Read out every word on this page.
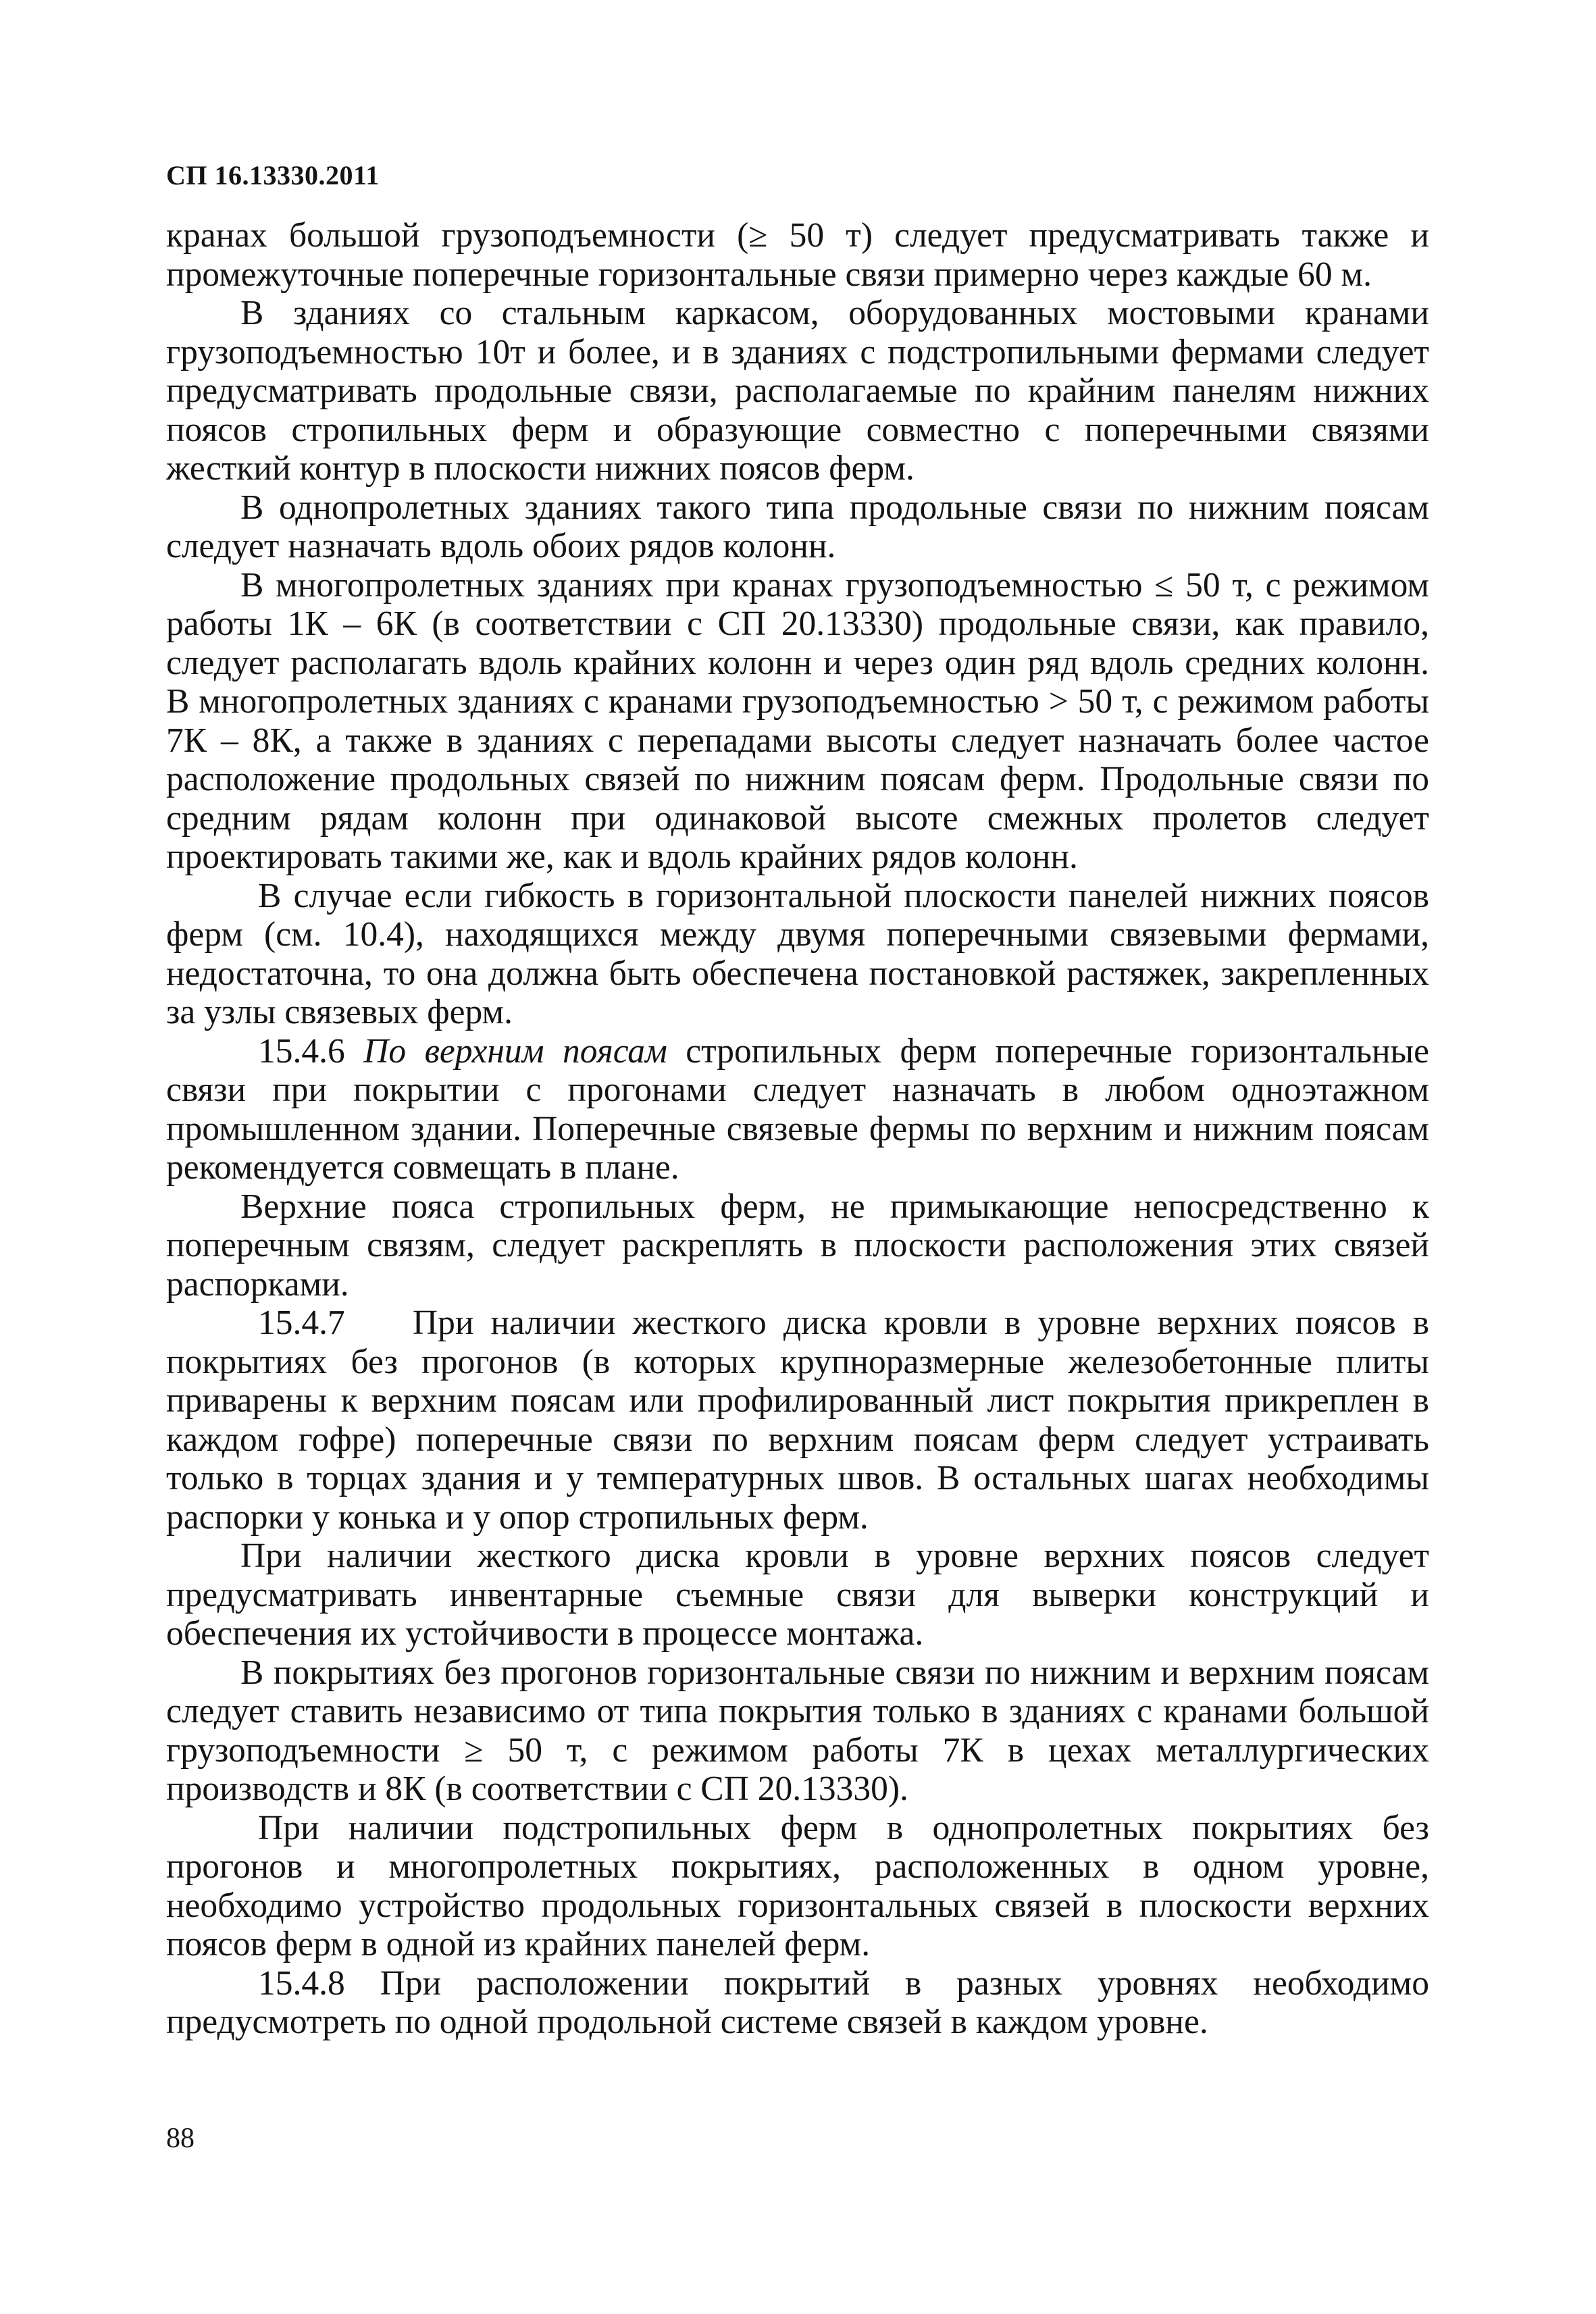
СП 16.13330.2011

кранах большой грузоподъемности (≥ 50 т) следует предусматривать также и промежуточные поперечные горизонтальные связи примерно через каждые 60 м.

В зданиях со стальным каркасом, оборудованных мостовыми кранами грузоподъемностью 10т и более, и в зданиях с подстропильными фермами следует предусматривать продольные связи, располагаемые по крайним панелям нижних поясов стропильных ферм и образующие совместно с поперечными связями жесткий контур в плоскости нижних поясов ферм.

В однопролетных зданиях такого типа продольные связи по нижним поясам следует назначать вдоль обоих рядов колонн.

В многопролетных зданиях при кранах грузоподъемностью ≤ 50 т, с режимом работы 1К – 6К (в соответствии с СП 20.13330) продольные связи, как правило, следует располагать вдоль крайних колонн и через один ряд вдоль средних колонн. В многопролетных зданиях с кранами грузоподъемностью > 50 т, с режимом работы 7К – 8К, а также в зданиях с перепадами высоты следует назначать более частое расположение продольных связей по нижним поясам ферм. Продольные связи по средним рядам колонн при одинаковой высоте смежных пролетов следует проектировать такими же, как и вдоль крайних рядов колонн.

В случае если гибкость в горизонтальной плоскости панелей нижних поясов ферм (см. 10.4), находящихся между двумя поперечными связевыми фермами, недостаточна, то она должна быть обеспечена постановкой растяжек, закрепленных за узлы связевых ферм.

15.4.6 По верхним поясам стропильных ферм поперечные горизонтальные связи при покрытии с прогонами следует назначать в любом одноэтажном промышленном здании. Поперечные связевые фермы по верхним и нижним поясам рекомендуется совмещать в плане.

Верхние пояса стропильных ферм, не примыкающие непосредственно к поперечным связям, следует раскреплять в плоскости расположения этих связей распорками.

15.4.7 При наличии жесткого диска кровли в уровне верхних поясов в покрытиях без прогонов (в которых крупноразмерные железобетонные плиты приварены к верхним поясам или профилированный лист покрытия прикреплен в каждом гофре) поперечные связи по верхним поясам ферм следует устраивать только в торцах здания и у температурных швов. В остальных шагах необходимы распорки у конька и у опор стропильных ферм.

При наличии жесткого диска кровли в уровне верхних поясов следует предусматривать инвентарные съемные связи для выверки конструкций и обеспечения их устойчивости в процессе монтажа.

В покрытиях без прогонов горизонтальные связи по нижним и верхним поясам следует ставить независимо от типа покрытия только в зданиях с кранами большой грузоподъемности ≥ 50 т, с режимом работы 7К в цехах металлургических производств и 8К (в соответствии с СП 20.13330).

При наличии подстропильных ферм в однопролетных покрытиях без прогонов и многопролетных покрытиях, расположенных в одном уровне, необходимо устройство продольных горизонтальных связей в плоскости верхних поясов ферм в одной из крайних панелей ферм.

15.4.8 При расположении покрытий в разных уровнях необходимо предусмотреть по одной продольной системе связей в каждом уровне.

88
